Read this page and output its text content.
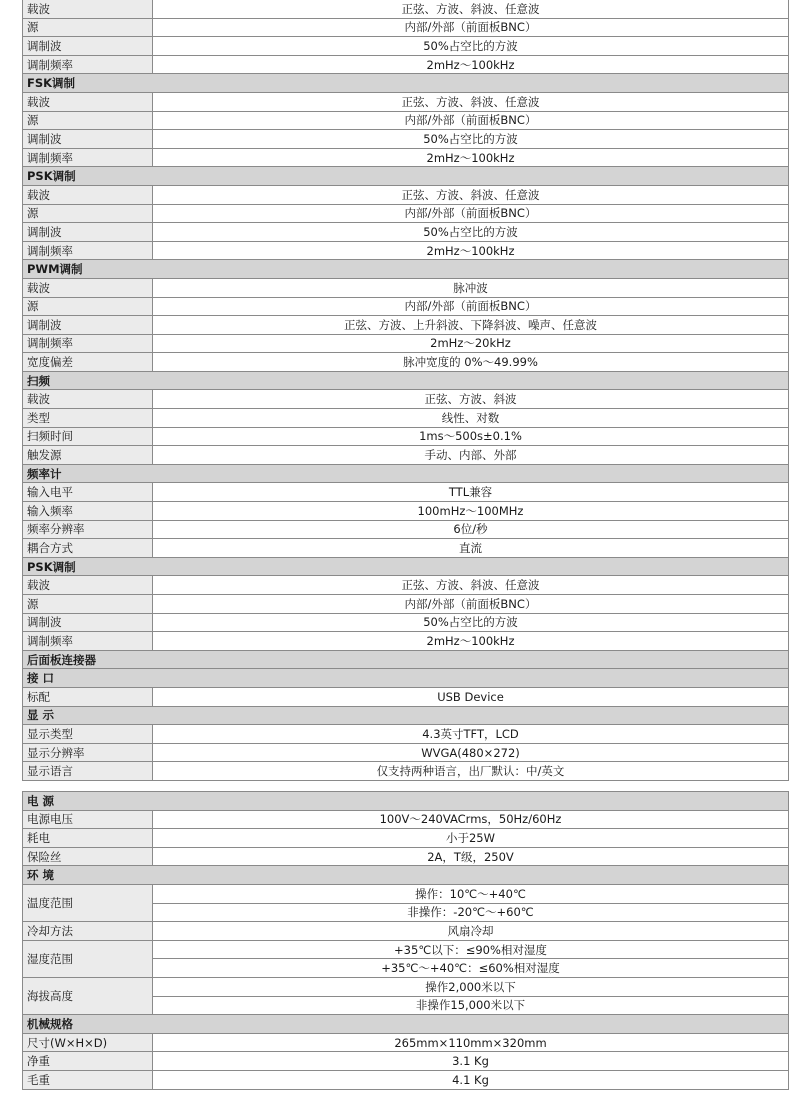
载波	正弦、方波、斜波、任意波
源	内部/外部（前面板BNC）
调制波	50%占空比的方波
调制频率	2mHz～100kHz
FSK调制	
载波	正弦、方波、斜波、任意波
源	内部/外部（前面板BNC）
调制波	50%占空比的方波
调制频率	2mHz～100kHz
PSK调制	
载波	正弦、方波、斜波、任意波
源	内部/外部（前面板BNC）
调制波	50%占空比的方波
调制频率	2mHz～100kHz
PWM调制	
载波	脉冲波
源	内部/外部（前面板BNC）
调制波	正弦、方波、上升斜波、下降斜波、噪声、任意波
调制频率	2mHz～20kHz
宽度偏差	脉冲宽度的 0%～49.99%
扫频	
载波	正弦、方波、斜波
类型	线性、对数
扫频时间	1ms～500s±0.1%
触发源	手动、内部、外部
频率计	
输入电平	TTL兼容
输入频率	100mHz～100MHz
频率分辨率	6位/秒
耦合方式	直流
PSK调制	
载波	正弦、方波、斜波、任意波
源	内部/外部（前面板BNC）
调制波	50%占空比的方波
调制频率	2mHz～100kHz
后面板连接器	
接 口	
标配	USB Device
显 示	
显示类型	4.3英寸TFT，LCD
显示分辨率	WVGA(480×272)
显示语言	仅支持两种语言，出厂默认：中/英文
电 源	
电源电压	100V～240VACrms，50Hz/60Hz
耗电	小于25W
保险丝	2A，T级，250V
环 境	
温度范围	操作：10℃～+40℃
	非操作：-20℃～+60℃
冷却方法	风扇冷却
湿度范围	+35℃以下：≤90%相对湿度
	+35℃～+40℃：≤60%相对湿度
海拔高度	操作2,000米以下
	非操作15,000米以下
机械规格	
尺寸(W×H×D)	265mm×110mm×320mm
净重	3.1 Kg
毛重	4.1 Kg
